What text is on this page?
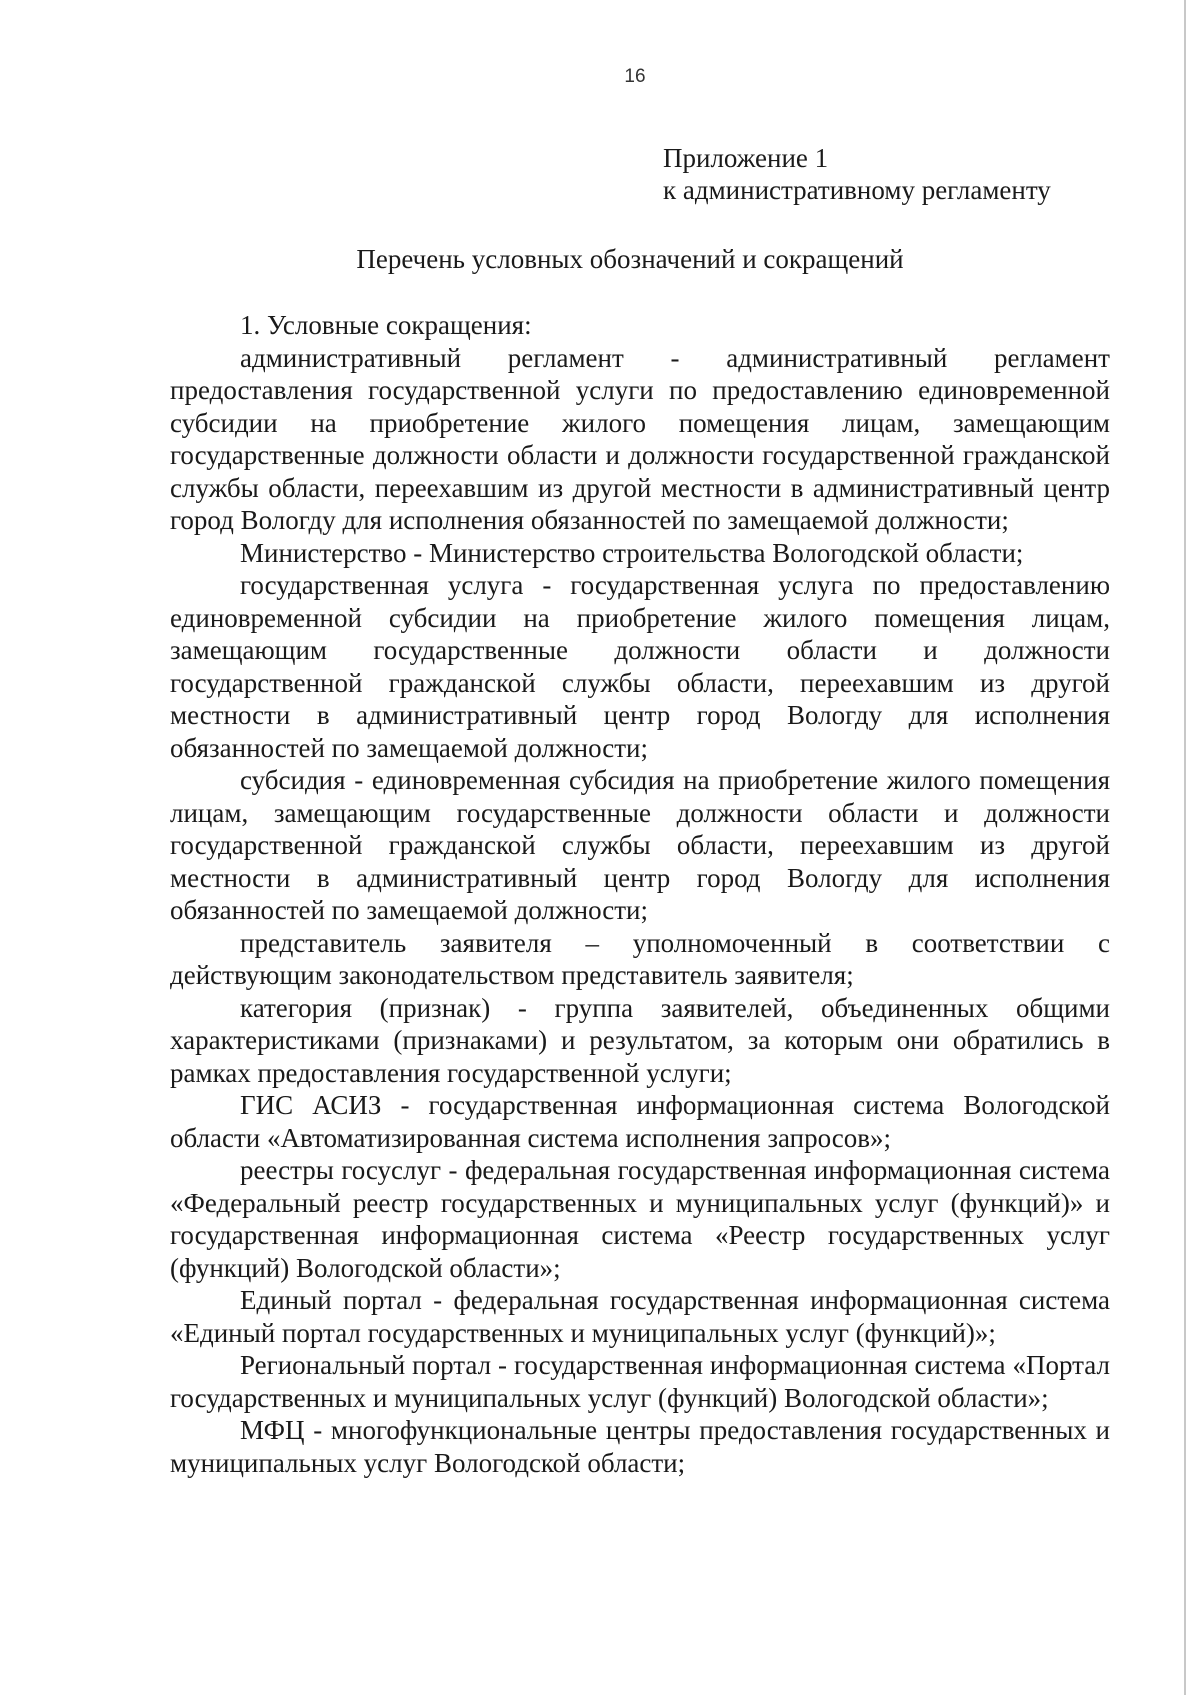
16
Приложение 1
к административному регламенту
Перечень условных обозначений и сокращений

1. Условные сокращения:

административный регламент - административный регламент предоставления государственной услуги по предоставлению единовременной субсидии на приобретение жилого помещения лицам, замещающим государственные должности области и должности государственной гражданской службы области, переехавшим из другой местности в административный центр город Вологду для исполнения обязанностей по замещаемой должности;

Министерство - Министерство строительства Вологодской области;

государственная услуга - государственная услуга по предоставлению единовременной субсидии на приобретение жилого помещения лицам, замещающим государственные должности области и должности государственной гражданской службы области, переехавшим из другой местности в административный центр город Вологду для исполнения обязанностей по замещаемой должности;

субсидия - единовременная субсидия на приобретение жилого помещения лицам, замещающим государственные должности области и должности государственной гражданской службы области, переехавшим из другой местности в административный центр город Вологду для исполнения обязанностей по замещаемой должности;

представитель заявителя – уполномоченный в соответствии с действующим законодательством представитель заявителя;

категория (признак) - группа заявителей, объединенных общими характеристиками (признаками) и результатом, за которым они обратились в рамках предоставления государственной услуги;

ГИС АСИЗ - государственная информационная система Вологодской области «Автоматизированная система исполнения запросов»;

реестры госуслуг - федеральная государственная информационная система «Федеральный реестр государственных и муниципальных услуг (функций)» и государственная информационная система «Реестр государственных услуг (функций) Вологодской области»;

Единый портал - федеральная государственная информационная система «Единый портал государственных и муниципальных услуг (функций)»;

Региональный портал - государственная информационная система «Портал государственных и муниципальных услуг (функций) Вологодской области»;

МФЦ - многофункциональные центры предоставления государственных и муниципальных услуг Вологодской области;
